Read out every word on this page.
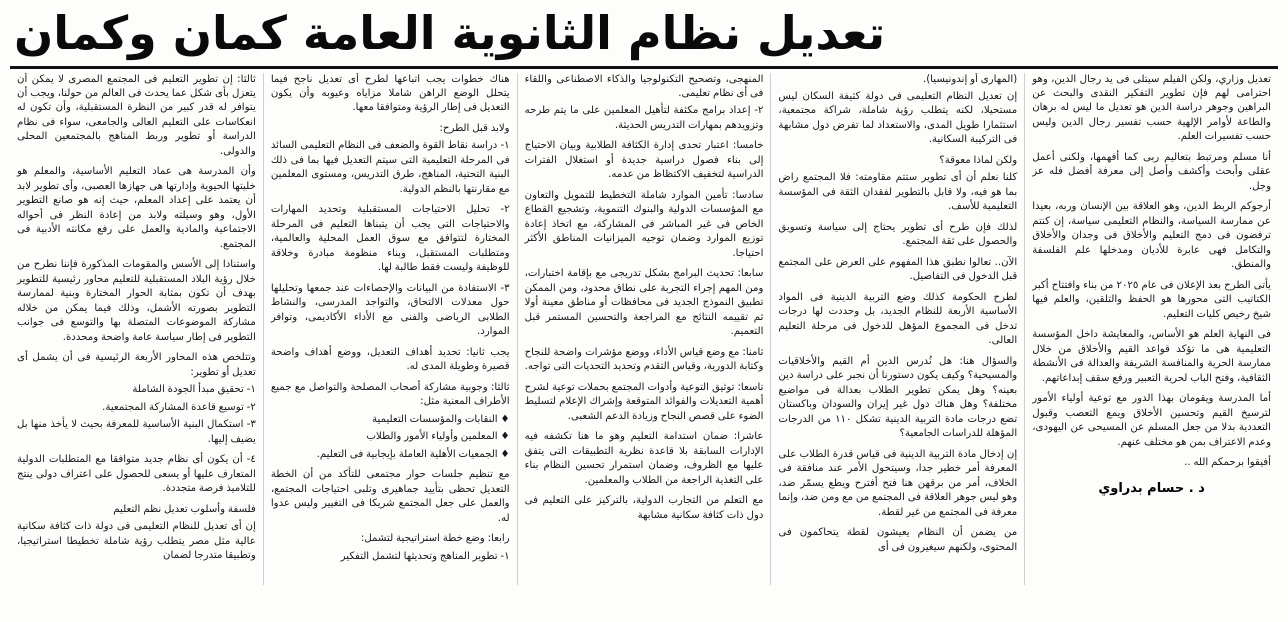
تعديل نظام الثانوية العامة كمان وكمان

تعديل وزاري، ولكن الفيلم سيتلى فى يد رجال الدين، وهو احترامى لهم فإن تطوير التفكير النقدى والبحث عن البراهين وجوهر دراسة الدين هو تعديل ما ليس له برهان والطاعة لأوامر الإلهية حسب تفسير رجال الدين وليس حسب تفسيرات العلم.

أنا مسلم ومرتبط بتعاليم ربى كما أفهمها، ولكنى أعمل عقلى وأبحث وأكشف وأصل إلى معرفة أفضل فله عز وجل.

أرجوكم الربط الدين، وهو العلاقة بين الإنسان وربه، بعيدا عن ممارسة السياسة، والنظام التعليمى سياسة، إن كنتم ترفضون فى دمج التعليم والأخلاق فى وجدان والأخلاق والتكامل فهى عابرة للأديان ومدخلها علم الفلسفة والمنطق.

يأتى الطرح بعد الإعلان فى عام ٢٠٢٥ من بناء وافتتاح أكبر الكتاتيب التى محورها هو الحفظ والتلقين، والعلم فيها شيخ رخيص كليات التعليم.

فى النهاية العلم هو الأساس، والمعايشة داخل المؤسسة التعليمية هى ما تؤكد قواعد القيم والأخلاق من خلال ممارسة الحرية والمنافسة الشريفة والعدالة فى الأنشطة الثقافية، وفتح الباب لحرية التعبير ورفع سقف إبداعاتهم.

أما المدرسة ويقومان بهذا الدور مع توعية أولياء الأمور لترسيخ القيم وتحسين الأخلاق ويمع التعصب وقبول التعددية بدلا من جعل المسلم عن المسيحى عن اليهودى، وعدم الاعتراف بمن هو مختلف عنهم.

أفيقوا برحمكم الله ..

د . حسام بدراوي

(المهارى أو إندونيسيا).

إن تعديل النظام التعليمى فى دولة كثيفة السكان ليس مستحيلا، لكنه يتطلب رؤية شاملة، شراكة مجتمعية، استثمارا طويل المدى، والاستعداد لما تفرض دول مشابهة فى التركيبة السكانية.

ولكن لماذا معوقة؟

كلنا نعلم أن أى تطوير ستتم مقاومته: فلا المجتمع راض بما هو فيه، ولا قابل بالتطوير لفقدان الثقة فى المؤسسة التعليمية للأسف.

لذلك فإن طرح أى تطوير يحتاج إلى سياسة وتسويق والحصول على ثقة المجتمع.

الآن.. تعالوا نطبق هذا المفهوم على العرض على المجتمع قبل الدخول فى التفاصيل.

لطرح الحكومة كذلك وضع التربية الدينية فى المواد الأساسية الأربعة للنظام الجديد، بل وحددت لها درجات تدخل فى المجموع المؤهل للدخول فى مرحلة التعليم العالى.

والسؤال هنا: هل نُدرس الدين أم القيم والأخلاقيات والمسيحية؟ وكيف يكون دستورنا أن نجبر على دراسة دين بعينه؟ وهل يمكن تطوير الطلاب بعدالة فى مواضيع مختلفة؟ وهل هناك دول غير إيران والسودان وباكستان تضع درجات مادة التربية الدينية تشكل ١١٠ من الدرجات المؤهلة للدراسات الجامعية؟

إن إدخال مادة التربية الدينية فى قياس قدرة الطلاب على المعرفة أمر خطير جدا، وسيتحول الأمر عند منافقة فى الخلاف، أمر من برقهن هنا فتح أفترح ويطع يسمّر ضد، وهو ليس جوهر العلاقة فى المجتمع من مع ومن ضد، وإنما معرفة فى المجتمع من غير لقطة.

من يضمن أن النظام يعيشون لقطة يتحاكمون فى المحتوى، ولكنهم سيغيرون فى أى

المنهجى، وتصحيح التكنولوجيا والذكاء الاصطناعى واللقاء فى أى نظام تعليمى.

٢- إعداد برامج مكثفة لتأهيل المعلمين على ما يتم طرحه وتزويدهم بمهارات التدريس الحديثة.

خامسا: اعتبار تحدى إدارة الكثافة الطلابية وبيان الاحتياج إلى بناء فصول دراسية جديدة أو استغلال الفترات الدراسية لتخفيف الاكتظاظ من عدمه.

سادسا: تأمين الموارد شاملة التخطيط للتمويل والتعاون مع المؤسسات الدولية والبنوك التنموية، وتشجيع القطاع الخاص فى غير المباشر فى المشاركة، مع اتخاذ إعادة توزيع الموارد وضمان توجيه الميزانيات المناطق الأكثر احتياجا.

سابعا: تحديث البرامج بشكل تدريجى مع بإقامة اختبارات، ومن المهم إجراء التجربة على نطاق محدود، ومن الممكن تطبيق النموذج الجديد فى محافظات أو مناطق معينة أولا ثم تقييمه النتائج مع المراجعة والتحسين المستمر قبل التعميم.

ثامنا: مع وضع قياس الأداء، ووضع مؤشرات واضحة للنجاح وكتابة الدورية، وقياس التقدم وتحديد التحديات التى تواجه.

تاسعا: توثيق التوعية وأدوات المجتمع بحملات توعية لشرح أهمية التعديلات والفوائد المتوقعة وإشراك الإعلام لتسليط الضوء على قصص النجاح وزيادة الدعم الشعبى.

عاشرا: ضمان استدامة التعليم وهو ما هنا تكشفه فيه الإدارات السابقة بلا قاعدة نظرية التطبيقات التى يتفق عليها مع الظروف، وضمان استمرار تحسين النظام بناء على التغذية الراجعة من الطلاب والمعلمين.

مع التعلم من التجارب الدولية، بالتركيز على التعليم فى دول ذات كثافة سكانية مشابهة

هناك خطوات يجب اتباعها لطرح أى تعديل ناجح فيما يتحلل الوضع الراهن شاملا مزاياه وعيوبه وأن يكون التعديل فى إطار الرؤية ومتوافقا معها.

ولابد قبل الطرح:

١- دراسة نقاط القوة والضعف فى النظام التعليمى السائد فى المرحلة التعليمية التى سيتم التعديل فيها بما فى ذلك البنية التحتية، المناهج، طرق التدريس، ومستوى المعلمين مع مقارنتها بالنظم الدولية.

٢- تحليل الاحتياجات المستقبلية وتحديد المهارات والاحتياجات التى يجب أن يتبناها التعليم فى المرحلة المختارة لتتوافق مع سوق العمل المحلية والعالمية، ومتطلبات المستقبل، وبناء منظومة مبادرة وخلاقة للوظيفة وليست فقط طالبة لها.

٣- الاستفادة من البيانات والإحصاءات عند جمعها وتحليلها حول معدلات الالتحاق، والتواجد المدرسى، والنشاط الطلابى الرياضى والفنى مع الأداء الأكاديمى، وتوافر الموارد.

يجب ثانيا: تحديد أهداف التعديل، ووضع أهداف واضحة قصيرة وطويلة المدى له.

ثالثا: وجوبية مشاركة أصحاب المصلحة والتواصل مع جميع الأطراف المعنية مثل:

♦ النقابات والمؤسسات التعليمية

♦ المعلمين وأولياء الأمور والطلاب

♦ الجمعيات الأهلية العاملة بإيجابية فى التعليم.

مع تنظيم جلسات حوار مجتمعى للتأكد من أن الخطة التعديل تحظى بتأييد جماهيرى وتلبى احتياجات المجتمع، والعمل على جعل المجتمع شريكا فى التغيير وليس عدوا له.

رابعا: وضع خطة استراتيجية لتشمل:

١- تطوير المناهج وتحديثها لتشمل التفكير

ثالثا: إن تطوير التعليم فى المجتمع المصرى لا يمكن أن يتعزل بأى شكل عما يحدث فى العالم من حولنا، ويجب أن يتوافر له قدر كبير من النظرة المستقبلية، وأن تكون له انعكاسات على التعليم العالى والجامعى، سواء فى نظام الدراسة أو تطوير وربط المناهج بالمجتمعين المحلى والدولى.

وأن المدرسة هى عماد التعليم الأساسية، والمعلم هو خليتها الحيوية وإدارتها هى جهازها العصبى، وأى تطوير لابد أن يعتمد على إعداد المعلم، حيث إنه هو صانع التطوير الأول، وهو وسيلته ولابد من إعادة النظر فى أحواله الاجتماعية والمادية والعمل على رفع مكانته الأدبية فى المجتمع.

واستنادا إلى الأسس والمقومات المذكورة فإننا نطرح من خلال رؤية البلاد المستقبلية للتعليم محاور رئيسية للتطوير بهدف أن تكون بمثابة الحوار المختارة وبنية لممارسة التطوير بصورته الأشمل، وذلك فيما يمكن من خلاله مشاركة الموضوعات المتصلة بها والتوسع فى جوانب التطوير فى إطار سياسة عامة واضحة ومحددة.

وتتلخص هذه المحاور الأربعة الرئيسية فى أن يشمل أى تعديل أو تطوير:

١- تحقيق مبدأ الجودة الشاملة

٢- توسيع قاعدة المشاركة المجتمعية.

٣- استكمال البنية الأساسية للمعرفة بحيث لا يأخذ منها بل يضيف إليها.

٤- أن يكون أى نظام جديد متوافقا مع المتطلبات الدولية المتعارف عليها أو يسعى للحصول على اعتراف دولى ينتج للتلاميذ فرصة متجددة.

فلسفة وأسلوب تعديل نظم التعليم

إن أى تعديل للنظام التعليمى فى دولة ذات كثافة سكانية عالية مثل مصر يتطلب رؤية شاملة تخطيطا استراتيجيا، وتطبيقا متدرجا لضمان
